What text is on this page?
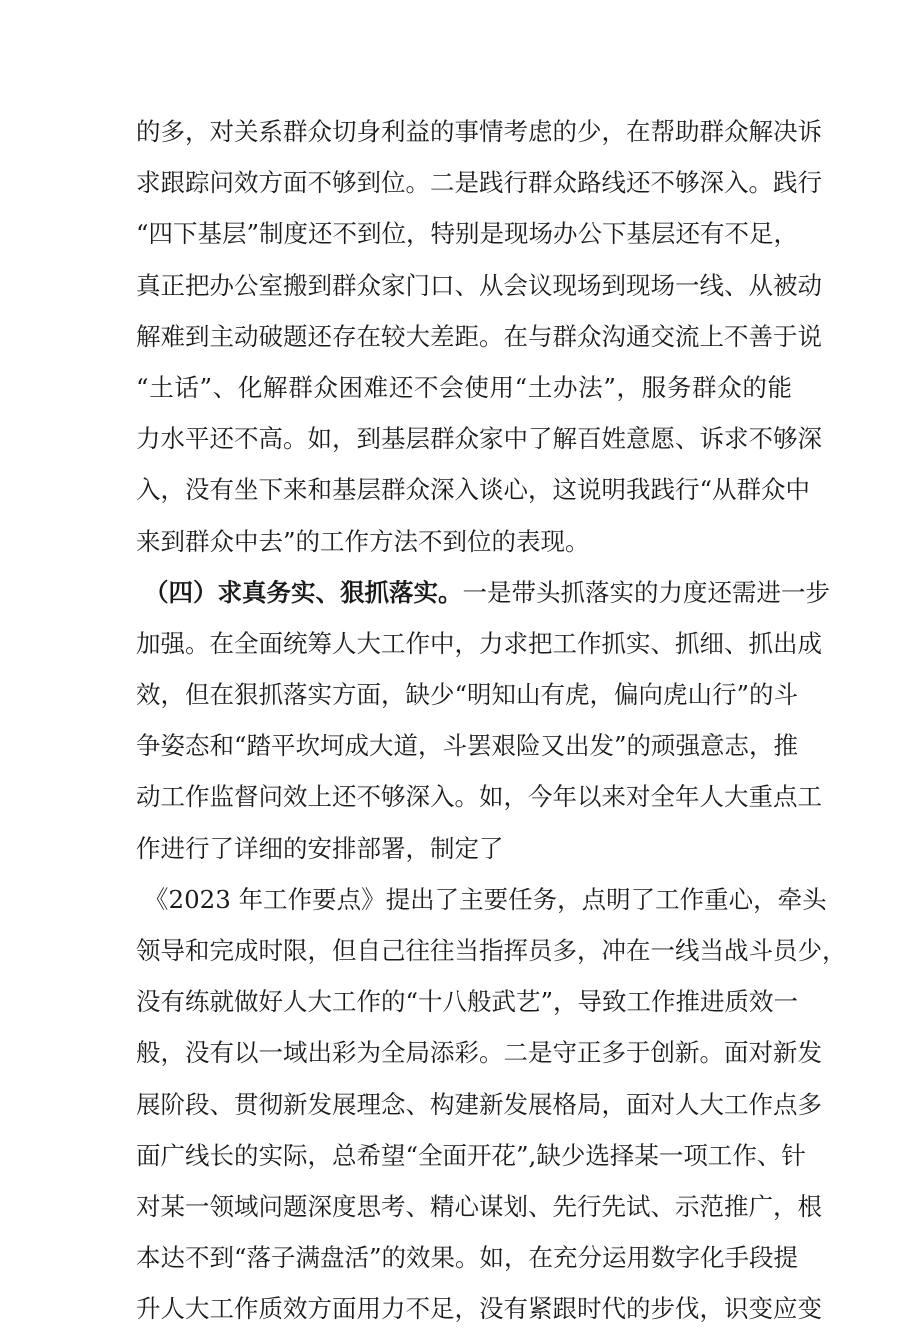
的多，对关系群众切身利益的事情考虑的少，在帮助群众解决诉
求跟踪问效方面不够到位。二是践行群众路线还不够深入。践行
“四下基层”制度还不到位，特别是现场办公下基层还有不足，
真正把办公室搬到群众家门口、从会议现场到现场一线、从被动
解难到主动破题还存在较大差距。在与群众沟通交流上不善于说
“土话”、化解群众困难还不会使用“土办法”，服务群众的能
力水平还不高。如，到基层群众家中了解百姓意愿、诉求不够深
入，没有坐下来和基层群众深入谈心，这说明我践行“从群众中
来到群众中去”的工作方法不到位的表现。
（四）求真务实、狠抓落实。一是带头抓落实的力度还需进一步
加强。在全面统筹人大工作中，力求把工作抓实、抓细、抓出成
效，但在狠抓落实方面，缺少“明知山有虎，偏向虎山行”的斗
争姿态和“踏平坎坷成大道，斗罢艰险又出发”的顽强意志，推
动工作监督问效上还不够深入。如，今年以来对全年人大重点工
作进行了详细的安排部署，制定了
《2023 年工作要点》提出了主要任务，点明了工作重心，牵头
领导和完成时限，但自己往往当指挥员多，冲在一线当战斗员少，
没有练就做好人大工作的“十八般武艺”，导致工作推进质效一
般，没有以一域出彩为全局添彩。二是守正多于创新。面对新发
展阶段、贯彻新发展理念、构建新发展格局，面对人大工作点多
面广线长的实际，总希望“全面开花”,缺少选择某一项工作、针
对某一领域问题深度思考、精心谋划、先行先试、示范推广，根
本达不到“落子满盘活”的效果。如，在充分运用数字化手段提
升人大工作质效方面用力不足，没有紧跟时代的步伐，识变应变
